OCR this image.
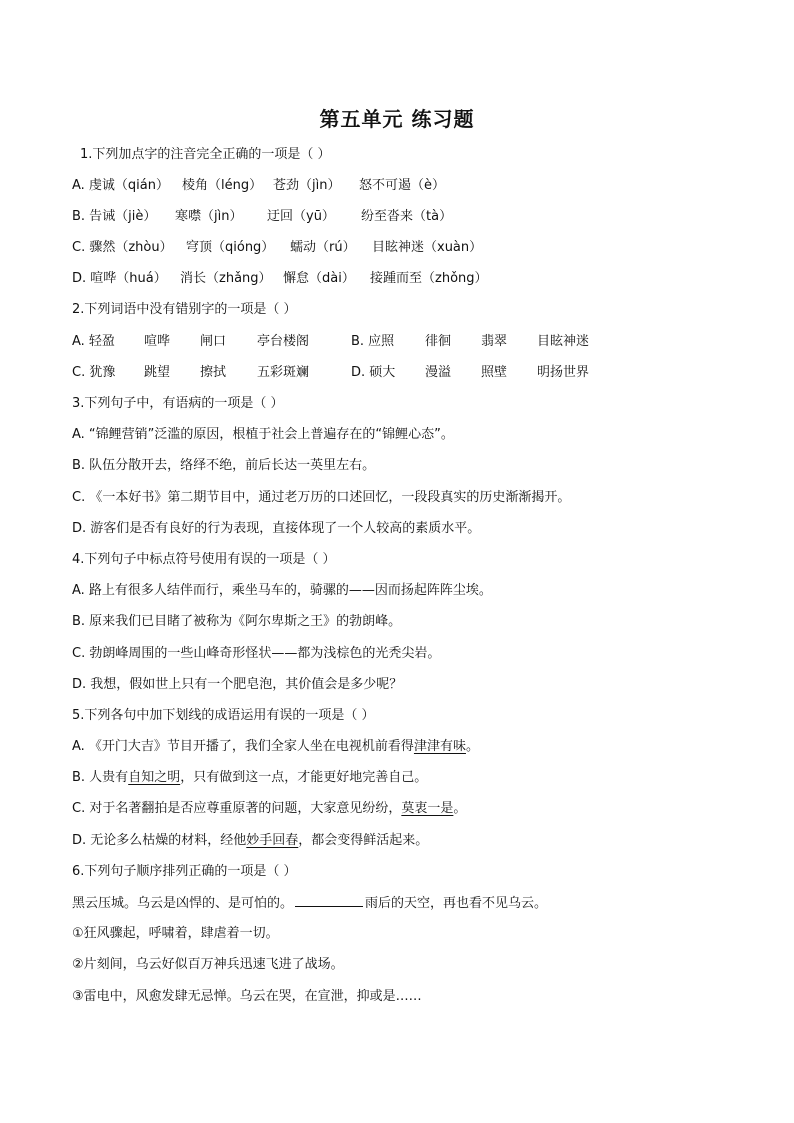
第五单元 练习题
1.下列加点字的注音完全正确的一项是（ ）
A. 虔诚（qián） 棱角（léng） 苍劲（jìn） 怒不可遏（è）
B. 告诫（jiè） 寒噤（jìn） 迂回（yū） 纷至沓来（tà）
C. 骤然（zhòu） 穹顶（qióng） 蠕动（rú） 目眩神迷（xuàn）
D. 喧哗（huá） 消长（zhǎng） 懈怠（dài） 接踵而至（zhǒng）
2.下列词语中没有错别字的一项是（ ）
A. 轻盈 喧哗 闸口 亭台楼阁	B. 应照 徘徊 翡翠 目眩神迷
C. 犹豫 跳望 擦拭 五彩斑斓	D. 硕大 漫溢 照壁 明扬世界
3.下列句子中，有语病的一项是（ ）
A. “锦鲤营销”泛滥的原因，根植于社会上普遍存在的“锦鲤心态”。
B. 队伍分散开去，络绎不绝，前后长达一英里左右。
C. 《一本好书》第二期节目中，通过老万历的口述回忆，一段段真实的历史渐渐揭开。
D. 游客们是否有良好的行为表现，直接体现了一个人较高的素质水平。
4.下列句子中标点符号使用有误的一项是（ ）
A. 路上有很多人结伴而行，乘坐马车的，骑骡的——因而扬起阵阵尘埃。
B. 原来我们已目睹了被称为《阿尔卑斯之王》的勃朗峰。
C. 勃朗峰周围的一些山峰奇形怪状——都为浅棕色的光秃尖岩。
D. 我想，假如世上只有一个肥皂泡，其价值会是多少呢？
5.下列各句中加下划线的成语运用有误的一项是（ ）
A. 《开门大吉》节目开播了，我们全家人坐在电视机前看得津津有味。
B. 人贵有自知之明，只有做到这一点，才能更好地完善自己。
C. 对于名著翻拍是否应尊重原著的问题，大家意见纷纷，莫衷一是。
D. 无论多么枯燥的材料，经他妙手回春，都会变得鲜活起来。
6.下列句子顺序排列正确的一项是（ ）
黑云压城。乌云是凶悍的、是可怕的。	雨后的天空，再也看不见乌云。
①狂风骤起，呼啸着，肆虐着一切。
②片刻间，乌云好似百万神兵迅速飞进了战场。
③雷电中，风愈发肆无忌惮。乌云在哭，在宣泄，抑或是……
